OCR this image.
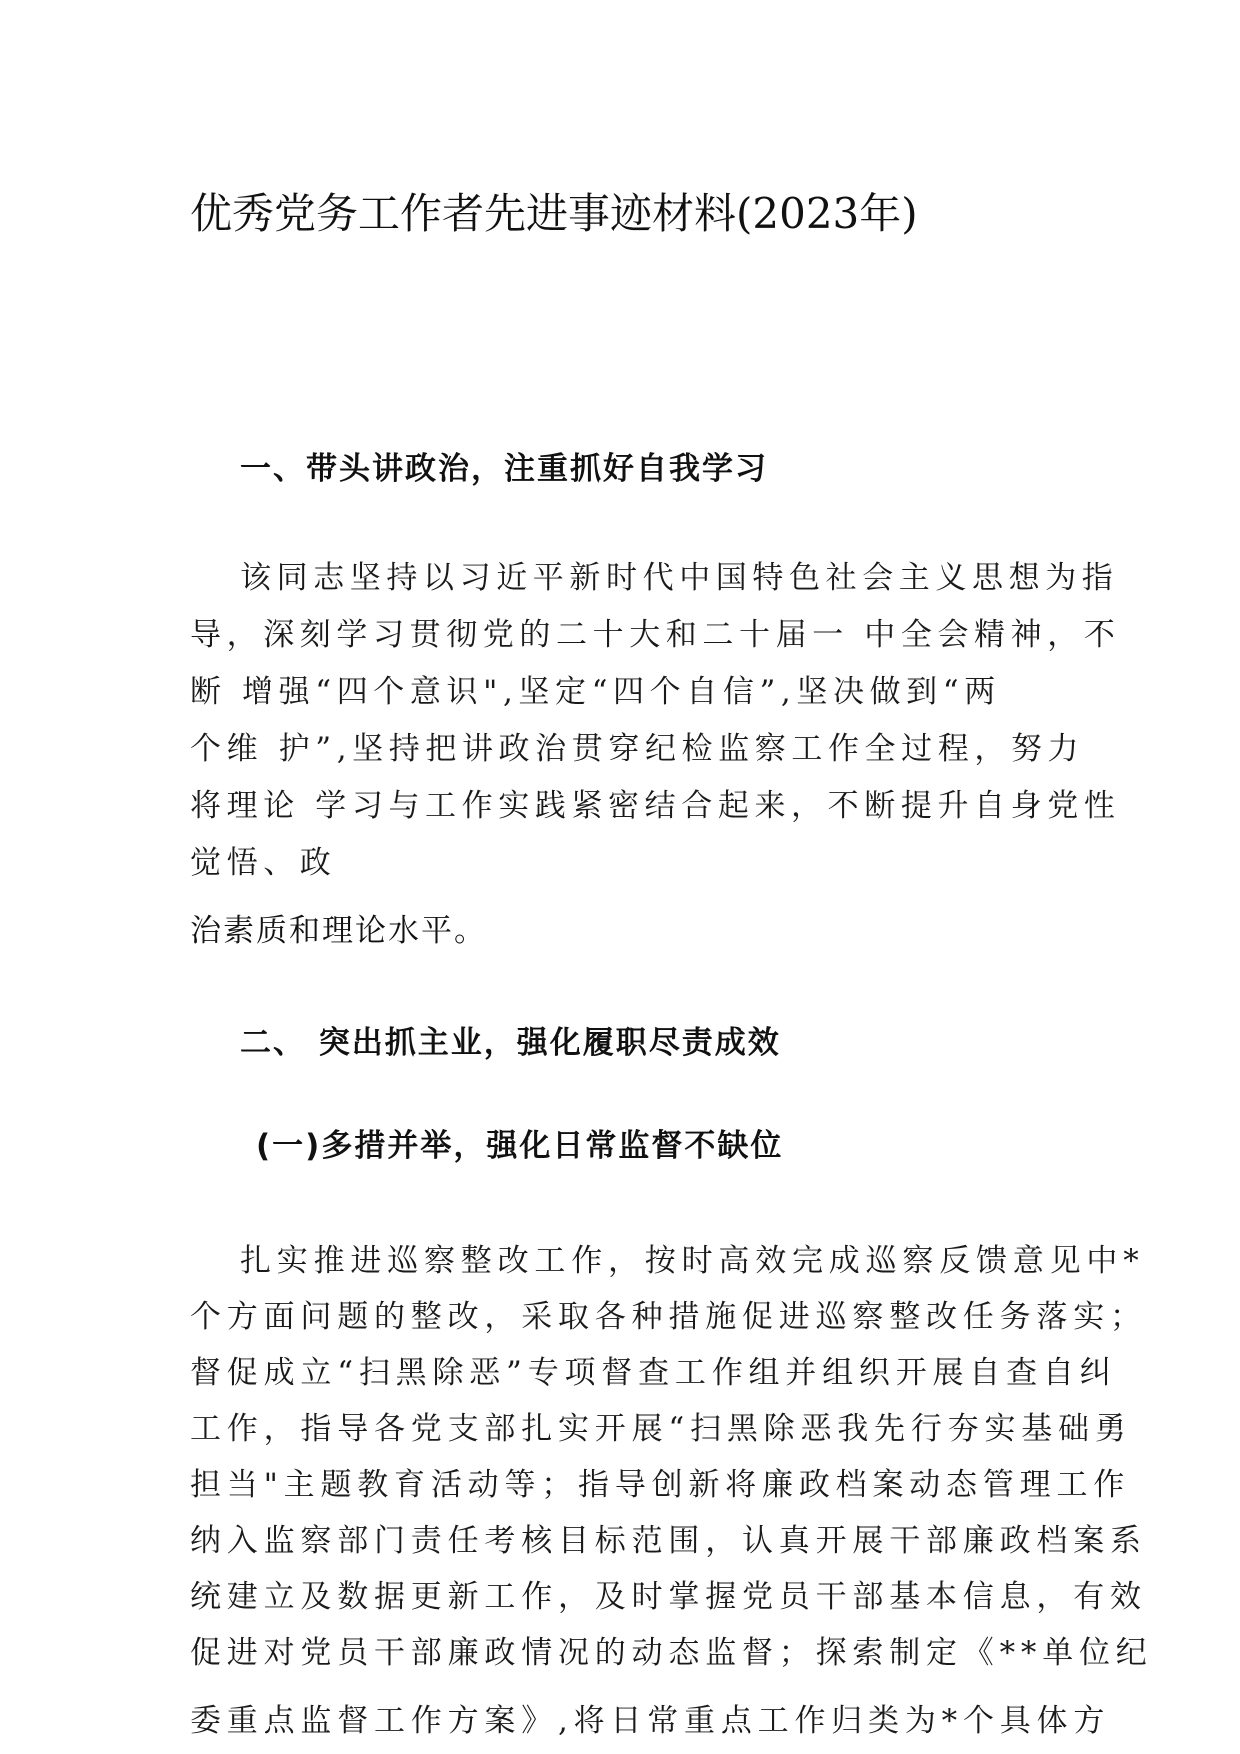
优秀党务工作者先进事迹材料(2023年)
一、带头讲政治，注重抓好自我学习
该同志坚持以习近平新时代中国特色社会主义思想为指
导，深刻学习贯彻党的二十大和二十届一 中全会精神，不
断 增强“四个意识",坚定“四个自信”,坚决做到“两
个维 护”,坚持把讲政治贯穿纪检监察工作全过程，努力
将理论 学习与工作实践紧密结合起来，不断提升自身党性
觉悟、政
治素质和理论水平。
二、 突出抓主业，强化履职尽责成效
(一)多措并举，强化日常监督不缺位
扎实推进巡察整改工作，按时高效完成巡察反馈意见中*
个方面问题的整改，采取各种措施促进巡察整改任务落实；
督促成立“扫黑除恶”专项督查工作组并组织开展自查自纠
工作，指导各党支部扎实开展“扫黑除恶我先行夯实基础勇
担当"主题教育活动等；指导创新将廉政档案动态管理工作
纳入监察部门责任考核目标范围，认真开展干部廉政档案系
统建立及数据更新工作，及时掌握党员干部基本信息，有效
促进对党员干部廉政情况的动态监督；探索制定《**单位纪
委重点监督工作方案》,将日常重点工作归类为*个具体方
